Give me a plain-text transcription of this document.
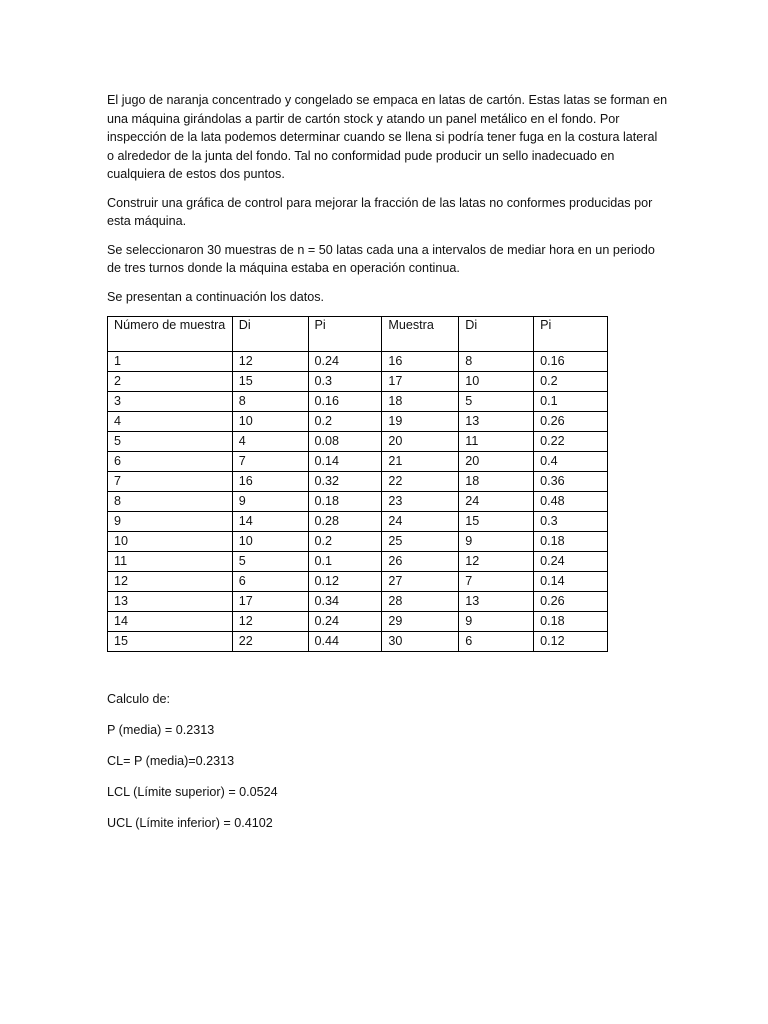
El jugo de naranja concentrado y congelado se empaca en latas de cartón. Estas latas se forman en
una máquina girándolas a partir de cartón stock y atando un panel metálico en el fondo. Por
inspección de la lata podemos determinar cuando se llena si podría tener fuga en la costura lateral
o alrededor de la junta del fondo. Tal no conformidad pude producir un sello inadecuado en
cualquiera de estos dos puntos.
Construir una gráfica de control para mejorar la fracción de las latas no conformes producidas por
esta máquina.
Se seleccionaron 30 muestras de n = 50 latas cada una a intervalos de mediar hora en un periodo
de tres turnos donde la máquina estaba en operación continua.
Se presentan a continuación los datos.
Número de muestra	Di	Pi	Muestra	Di	Pi
1	12	0.24	16	8	0.16
2	15	0.3	17	10	0.2
3	8	0.16	18	5	0.1
4	10	0.2	19	13	0.26
5	4	0.08	20	11	0.22
6	7	0.14	21	20	0.4
7	16	0.32	22	18	0.36
8	9	0.18	23	24	0.48
9	14	0.28	24	15	0.3
10	10	0.2	25	9	0.18
11	5	0.1	26	12	0.24
12	6	0.12	27	7	0.14
13	17	0.34	28	13	0.26
14	12	0.24	29	9	0.18
15	22	0.44	30	6	0.12
Calculo de:
P (media) = 0.2313
CL= P (media)=0.2313
LCL (Límite superior) = 0.0524
UCL (Límite inferior) = 0.4102
